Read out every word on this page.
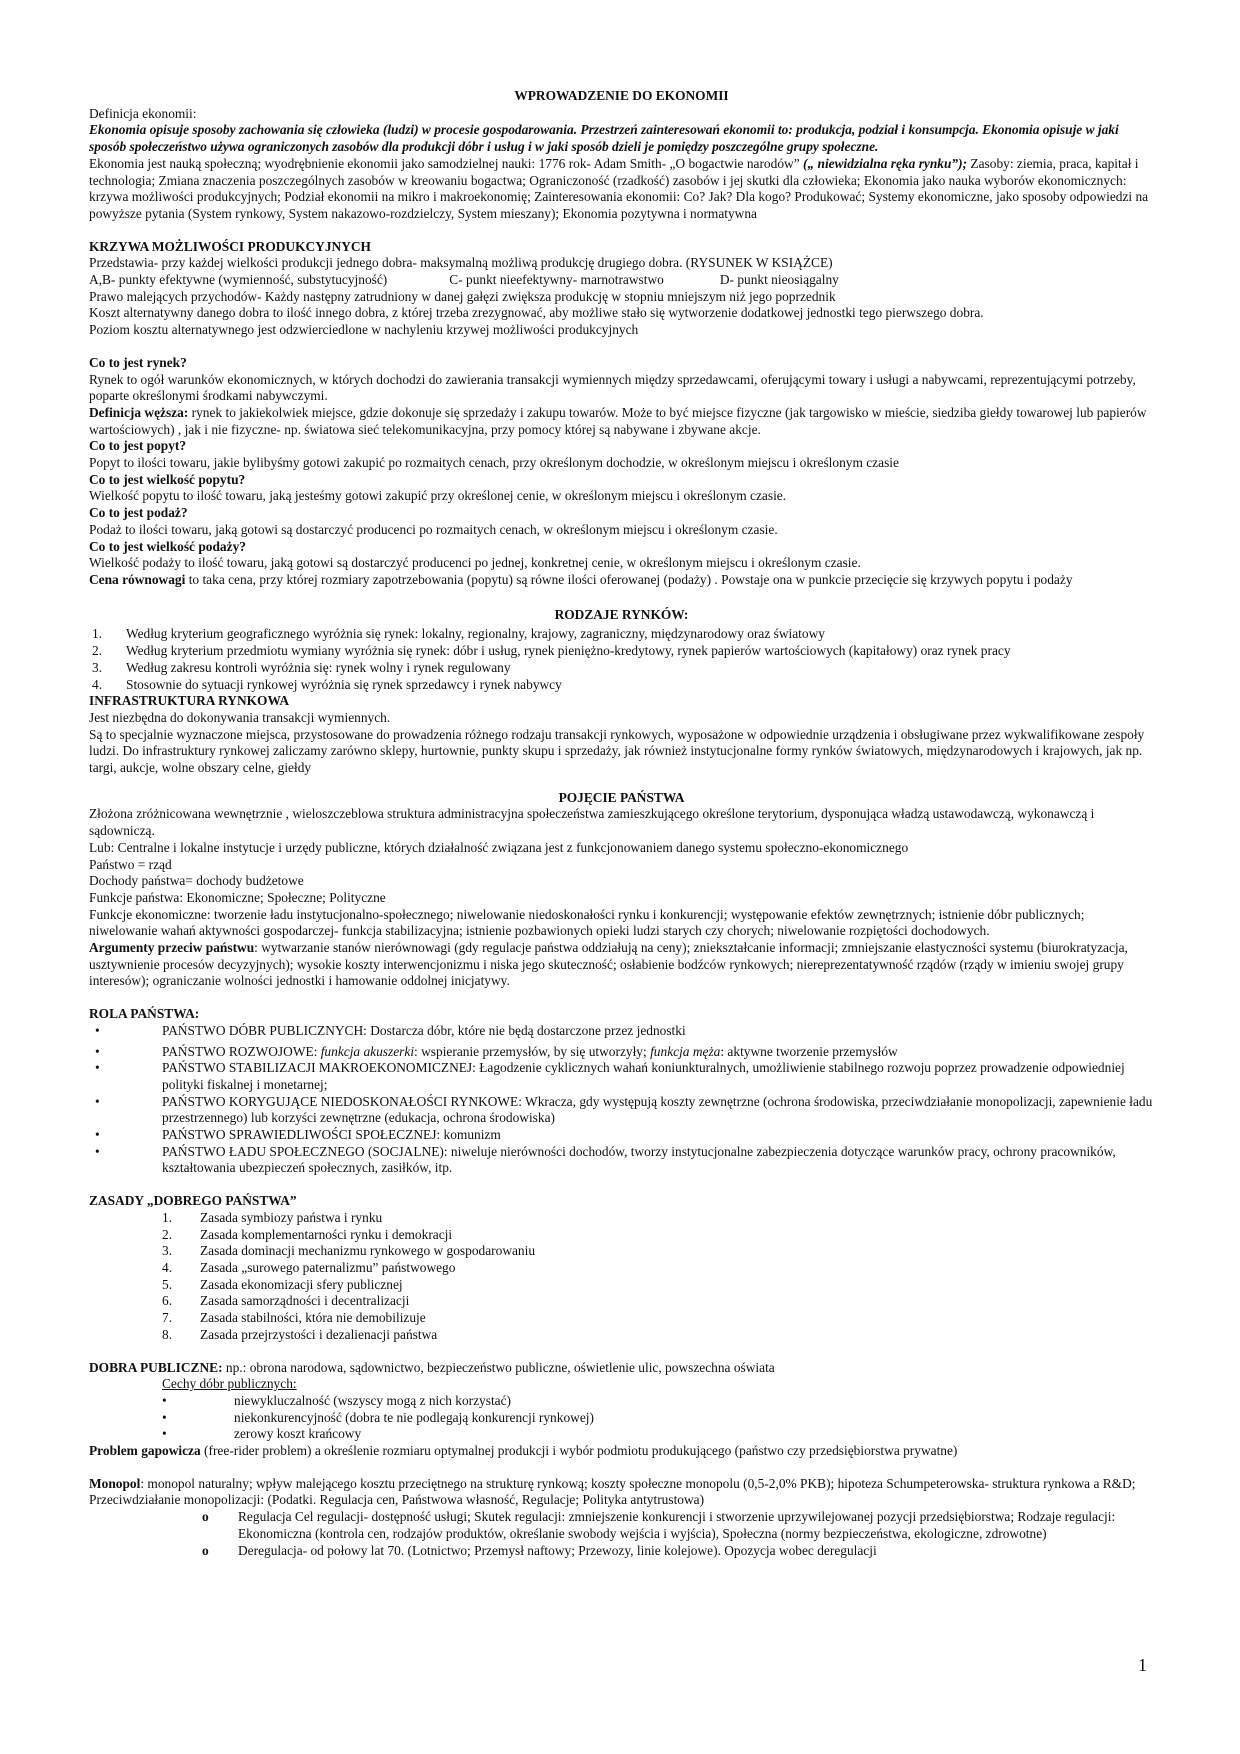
WPROWADZENIE DO EKONOMII

Definicja ekonomii:

Ekonomia opisuje sposoby zachowania się człowieka (ludzi) w procesie gospodarowania. Przestrzeń zainteresowań ekonomii to: produkcja, podział i konsumpcja. Ekonomia opisuje w jaki sposób społeczeństwo używa ograniczonych zasobów dla produkcji dóbr i usług i w jaki sposób dzieli je pomiędzy poszczególne grupy społeczne.

Ekonomia jest nauką społeczną; wyodrębnienie ekonomii jako samodzielnej nauki: 1776 rok- Adam Smith- „O bogactwie narodów” („ niewidzialna ręka rynku”); Zasoby: ziemia, praca, kapitał i technologia; Zmiana znaczenia poszczególnych zasobów w kreowaniu bogactwa; Ograniczoność (rzadkość) zasobów i jej skutki dla człowieka; Ekonomia jako nauka wyborów ekonomicznych: krzywa możliwości produkcyjnych; Podział ekonomii na mikro i makroekonomię; Zainteresowania ekonomii: Co? Jak? Dla kogo? Produkować; Systemy ekonomiczne, jako sposoby odpowiedzi na powyższe pytania (System rynkowy, System nakazowo-rozdzielczy, System mieszany); Ekonomia pozytywna i normatywna

KRZYWA MOŻLIWOŚCI PRODUKCYJNYCH

Przedstawia- przy każdej wielkości produkcji jednego dobra- maksymalną możliwą produkcję drugiego dobra. (RYSUNEK W KSIĄŻCE)

A,B- punkty efektywne (wymienność, substytucyjność)	C- punkt nieefektywny- marnotrawstwo	D- punkt nieosiągalny

Prawo malejących przychodów- Każdy następny zatrudniony w danej gałęzi zwiększa produkcję w stopniu mniejszym niż jego poprzednik

Koszt alternatywny danego dobra to ilość innego dobra, z której trzeba zrezygnować, aby możliwe stało się wytworzenie dodatkowej jednostki tego pierwszego dobra.

Poziom kosztu alternatywnego jest odzwierciedlone w nachyleniu krzywej możliwości produkcyjnych

Co to jest rynek?

Rynek to ogół warunków ekonomicznych, w których dochodzi do zawierania transakcji wymiennych między sprzedawcami, oferującymi towary i usługi a nabywcami, reprezentującymi potrzeby, poparte określonymi środkami nabywczymi.

Definicja węższa: rynek to jakiekolwiek miejsce, gdzie dokonuje się sprzedaży i zakupu towarów. Może to być miejsce fizyczne (jak targowisko w mieście, siedziba giełdy towarowej lub papierów wartościowych) , jak i nie fizyczne- np. światowa sieć telekomunikacyjna, przy pomocy której są nabywane i zbywane akcje.

Co to jest popyt?

Popyt to ilości towaru, jakie bylibyśmy gotowi zakupić po rozmaitych cenach, przy określonym dochodzie, w określonym miejscu i określonym czasie

Co to jest wielkość popytu?

Wielkość popytu to ilość towaru, jaką jesteśmy gotowi zakupić przy określonej cenie, w określonym miejscu i określonym czasie.

Co to jest podaż?

Podaż to ilości towaru, jaką gotowi są dostarczyć producenci po rozmaitych cenach, w określonym miejscu i określonym czasie.

Co to jest wielkość podaży?

Wielkość podaży to ilość towaru, jaką gotowi są dostarczyć producenci po jednej, konkretnej cenie, w określonym miejscu i określonym czasie.

Cena równowagi to taka cena, przy której rozmiary zapotrzebowania (popytu) są równe ilości oferowanej (podaży) . Powstaje ona w punkcie przecięcie się krzywych popytu i podaży

RODZAJE RYNKÓW:

1. Według kryterium geograficznego wyróżnia się rynek: lokalny, regionalny, krajowy, zagraniczny, międzynarodowy oraz światowy
2. Według kryterium przedmiotu wymiany wyróżnia się rynek: dóbr i usług, rynek pieniężno-kredytowy, rynek papierów wartościowych (kapitałowy) oraz rynek pracy
3. Według zakresu kontroli wyróżnia się: rynek wolny i rynek regulowany
4. Stosownie do sytuacji rynkowej wyróżnia się rynek sprzedawcy i rynek nabywcy

INFRASTRUKTURA RYNKOWA

Jest niezbędna do dokonywania transakcji wymiennych.

Są to specjalnie wyznaczone miejsca, przystosowane do prowadzenia różnego rodzaju transakcji rynkowych, wyposażone w odpowiednie urządzenia i obsługiwane przez wykwalifikowane zespoły ludzi. Do infrastruktury rynkowej zaliczamy zarówno sklepy, hurtownie, punkty skupu i sprzedaży, jak również instytucjonalne formy rynków światowych, międzynarodowych i krajowych, jak np. targi, aukcje, wolne obszary celne, giełdy

POJĘCIE PAŃSTWA

Złożona zróżnicowana wewnętrznie , wieloszczeblowa struktura administracyjna społeczeństwa zamieszkującego określone terytorium, dysponująca władzą ustawodawczą, wykonawczą i sądowniczą.

Lub: Centralne i lokalne instytucje i urzędy publiczne, których działalność związana jest z funkcjonowaniem danego systemu społeczno-ekonomicznego

Państwo = rząd

Dochody państwa= dochody budżetowe

Funkcje państwa: Ekonomiczne; Społeczne; Polityczne

Funkcje ekonomiczne: tworzenie ładu instytucjonalno-społecznego; niwelowanie niedoskonałości rynku i konkurencji; występowanie efektów zewnętrznych; istnienie dóbr publicznych; niwelowanie wahań aktywności gospodarczej- funkcja stabilizacyjna; istnienie pozbawionych opieki ludzi starych czy chorych; niwelowanie rozpiętości dochodowych.

Argumenty przeciw państwu: wytwarzanie stanów nierównowagi (gdy regulacje państwa oddziałują na ceny); zniekształcanie informacji; zmniejszanie elastyczności systemu (biurokratyzacja, usztywnienie procesów decyzyjnych); wysokie koszty interwencjonizmu i niska jego skuteczność; osłabienie bodźców rynkowych; niereprezentatywność rządów (rządy w imieniu swojej grupy interesów); ograniczanie wolności jednostki i hamowanie oddolnej inicjatywy.

ROLA PAŃSTWA:

•	PAŃSTWO DÓBR PUBLICZNYCH: Dostarcza dóbr, które nie będą dostarczone przez jednostki
•	PAŃSTWO ROZWOJOWE: funkcja akuszerki: wspieranie przemysłów, by się utworzyły; funkcja męża: aktywne tworzenie przemysłów
•	PAŃSTWO STABILIZACJI MAKROEKONOMICZNEJ: Łagodzenie cyklicznych wahań koniunkturalnych, umożliwienie stabilnego rozwoju poprzez prowadzenie odpowiedniej polityki fiskalnej i monetarnej;
•	PAŃSTWO KORYGUJĄCE NIEDOSKONAŁOŚCI RYNKOWE: Wkracza, gdy występują koszty zewnętrzne (ochrona środowiska, przeciwdziałanie monopolizacji, zapewnienie ładu przestrzennego) lub korzyści zewnętrzne (edukacja, ochrona środowiska)
•	PAŃSTWO SPRAWIEDLIWOŚCI SPOŁECZNEJ: komunizm
•	PAŃSTWO ŁADU SPOŁECZNEGO (SOCJALNE): niweluje nierówności dochodów, tworzy instytucjonalne zabezpieczenia dotyczące warunków pracy, ochrony pracowników, kształtowania ubezpieczeń społecznych, zasiłków, itp.

ZASADY „DOBREGO PAŃSTWA”

1. Zasada symbiozy państwa i rynku
2. Zasada komplementarności rynku i demokracji
3. Zasada dominacji mechanizmu rynkowego w gospodarowaniu
4. Zasada „surowego paternalizmu” państwowego
5. Zasada ekonomizacji sfery publicznej
6. Zasada samorządności i decentralizacji
7. Zasada stabilności, która nie demobilizuje
8. Zasada przejrzystości i dezalienacji państwa

DOBRA PUBLICZNE: np.: obrona narodowa, sądownictwo, bezpieczeństwo publiczne, oświetlenie ulic, powszechna oświata

Cechy dóbr publicznych:

•	niewykluczalność (wszyscy mogą z nich korzystać)
•	niekonkurencyjność (dobra te nie podlegają konkurencji rynkowej)
•	zerowy koszt krańcowy

Problem gapowicza (free-rider problem) a określenie rozmiaru optymalnej produkcji i wybór podmiotu produkującego (państwo czy przedsiębiorstwa prywatne)

Monopol: monopol naturalny; wpływ malejącego kosztu przeciętnego na strukturę rynkową; koszty społeczne monopolu (0,5-2,0% PKB); hipoteza Schumpeterowska- struktura rynkowa a R&D; Przeciwdziałanie monopolizacji: (Podatki. Regulacja cen, Państwowa własność, Regulacje; Polityka antytrustowa)

o Regulacja Cel regulacji- dostępność usługi; Skutek regulacji: zmniejszenie konkurencji i stworzenie uprzywilejowanej pozycji przedsiębiorstwa; Rodzaje regulacji: Ekonomiczna (kontrola cen, rodzajów produktów, określanie swobody wejścia i wyjścia), Społeczna (normy bezpieczeństwa, ekologiczne, zdrowotne)
o Deregulacja- od połowy lat 70. (Lotnictwo; Przemysł naftowy; Przewozy, linie kolejowe). Opozycja wobec deregulacji
1
